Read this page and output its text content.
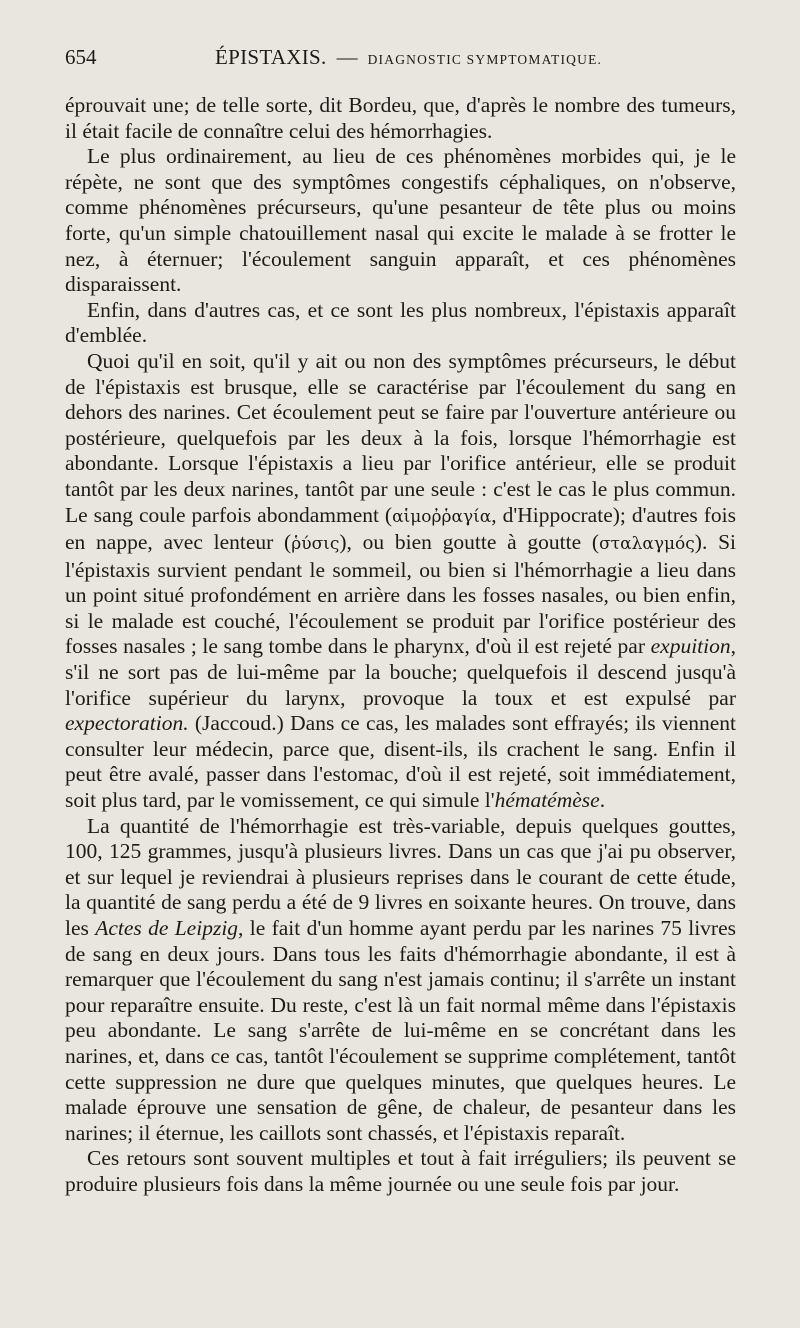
654	ÉPISTAXIS. — DIAGNOSTIC SYMPTOMATIQUE.

éprouvait une; de telle sorte, dit Bordeu, que, d'après le nombre des tumeurs, il était facile de connaître celui des hémorrhagies.

Le plus ordinairement, au lieu de ces phénomènes morbides qui, je le répète, ne sont que des symptômes congestifs céphaliques, on n'observe, comme phénomènes précurseurs, qu'une pesanteur de tête plus ou moins forte, qu'un simple chatouillement nasal qui excite le malade à se frotter le nez, à éternuer; l'écoulement sanguin apparaît, et ces phénomènes disparaissent.

Enfin, dans d'autres cas, et ce sont les plus nombreux, l'épistaxis apparaît d'emblée.

Quoi qu'il en soit, qu'il y ait ou non des symptômes précurseurs, le début de l'épistaxis est brusque, elle se caractérise par l'écoulement du sang en dehors des narines. Cet écoulement peut se faire par l'ouverture antérieure ou postérieure, quelquefois par les deux à la fois, lorsque l'hémorrhagie est abondante. Lorsque l'épistaxis a lieu par l'orifice antérieur, elle se produit tantôt par les deux narines, tantôt par une seule : c'est le cas le plus commun. Le sang coule parfois abondamment (αἱμοῤῥαγία, d'Hippocrate); d'autres fois en nappe, avec lenteur (ῥύσις), ou bien goutte à goutte (σταλαγμός). Si l'épistaxis survient pendant le sommeil, ou bien si l'hémorrhagie a lieu dans un point situé profondément en arrière dans les fosses nasales, ou bien enfin, si le malade est couché, l'écoulement se produit par l'orifice postérieur des fosses nasales ; le sang tombe dans le pharynx, d'où il est rejeté par expuition, s'il ne sort pas de lui-même par la bouche; quelquefois il descend jusqu'à l'orifice supérieur du larynx, provoque la toux et est expulsé par expectoration. (Jaccoud.) Dans ce cas, les malades sont effrayés; ils viennent consulter leur médecin, parce que, disent-ils, ils crachent le sang. Enfin il peut être avalé, passer dans l'estomac, d'où il est rejeté, soit immédiatement, soit plus tard, par le vomissement, ce qui simule l'hématémèse.

La quantité de l'hémorrhagie est très-variable, depuis quelques gouttes, 100, 125 grammes, jusqu'à plusieurs livres. Dans un cas que j'ai pu observer, et sur lequel je reviendrai à plusieurs reprises dans le courant de cette étude, la quantité de sang perdu a été de 9 livres en soixante heures. On trouve, dans les Actes de Leipzig, le fait d'un homme ayant perdu par les narines 75 livres de sang en deux jours. Dans tous les faits d'hémorrhagie abondante, il est à remarquer que l'écoulement du sang n'est jamais continu; il s'arrête un instant pour reparaître ensuite. Du reste, c'est là un fait normal même dans l'épistaxis peu abondante. Le sang s'arrête de lui-même en se concrétant dans les narines, et, dans ce cas, tantôt l'écoulement se supprime complétement, tantôt cette suppression ne dure que quelques minutes, que quelques heures. Le malade éprouve une sensation de gêne, de chaleur, de pesanteur dans les narines; il éternue, les caillots sont chassés, et l'épistaxis reparaît.

Ces retours sont souvent multiples et tout à fait irréguliers; ils peuvent se produire plusieurs fois dans la même journée ou une seule fois par jour.
